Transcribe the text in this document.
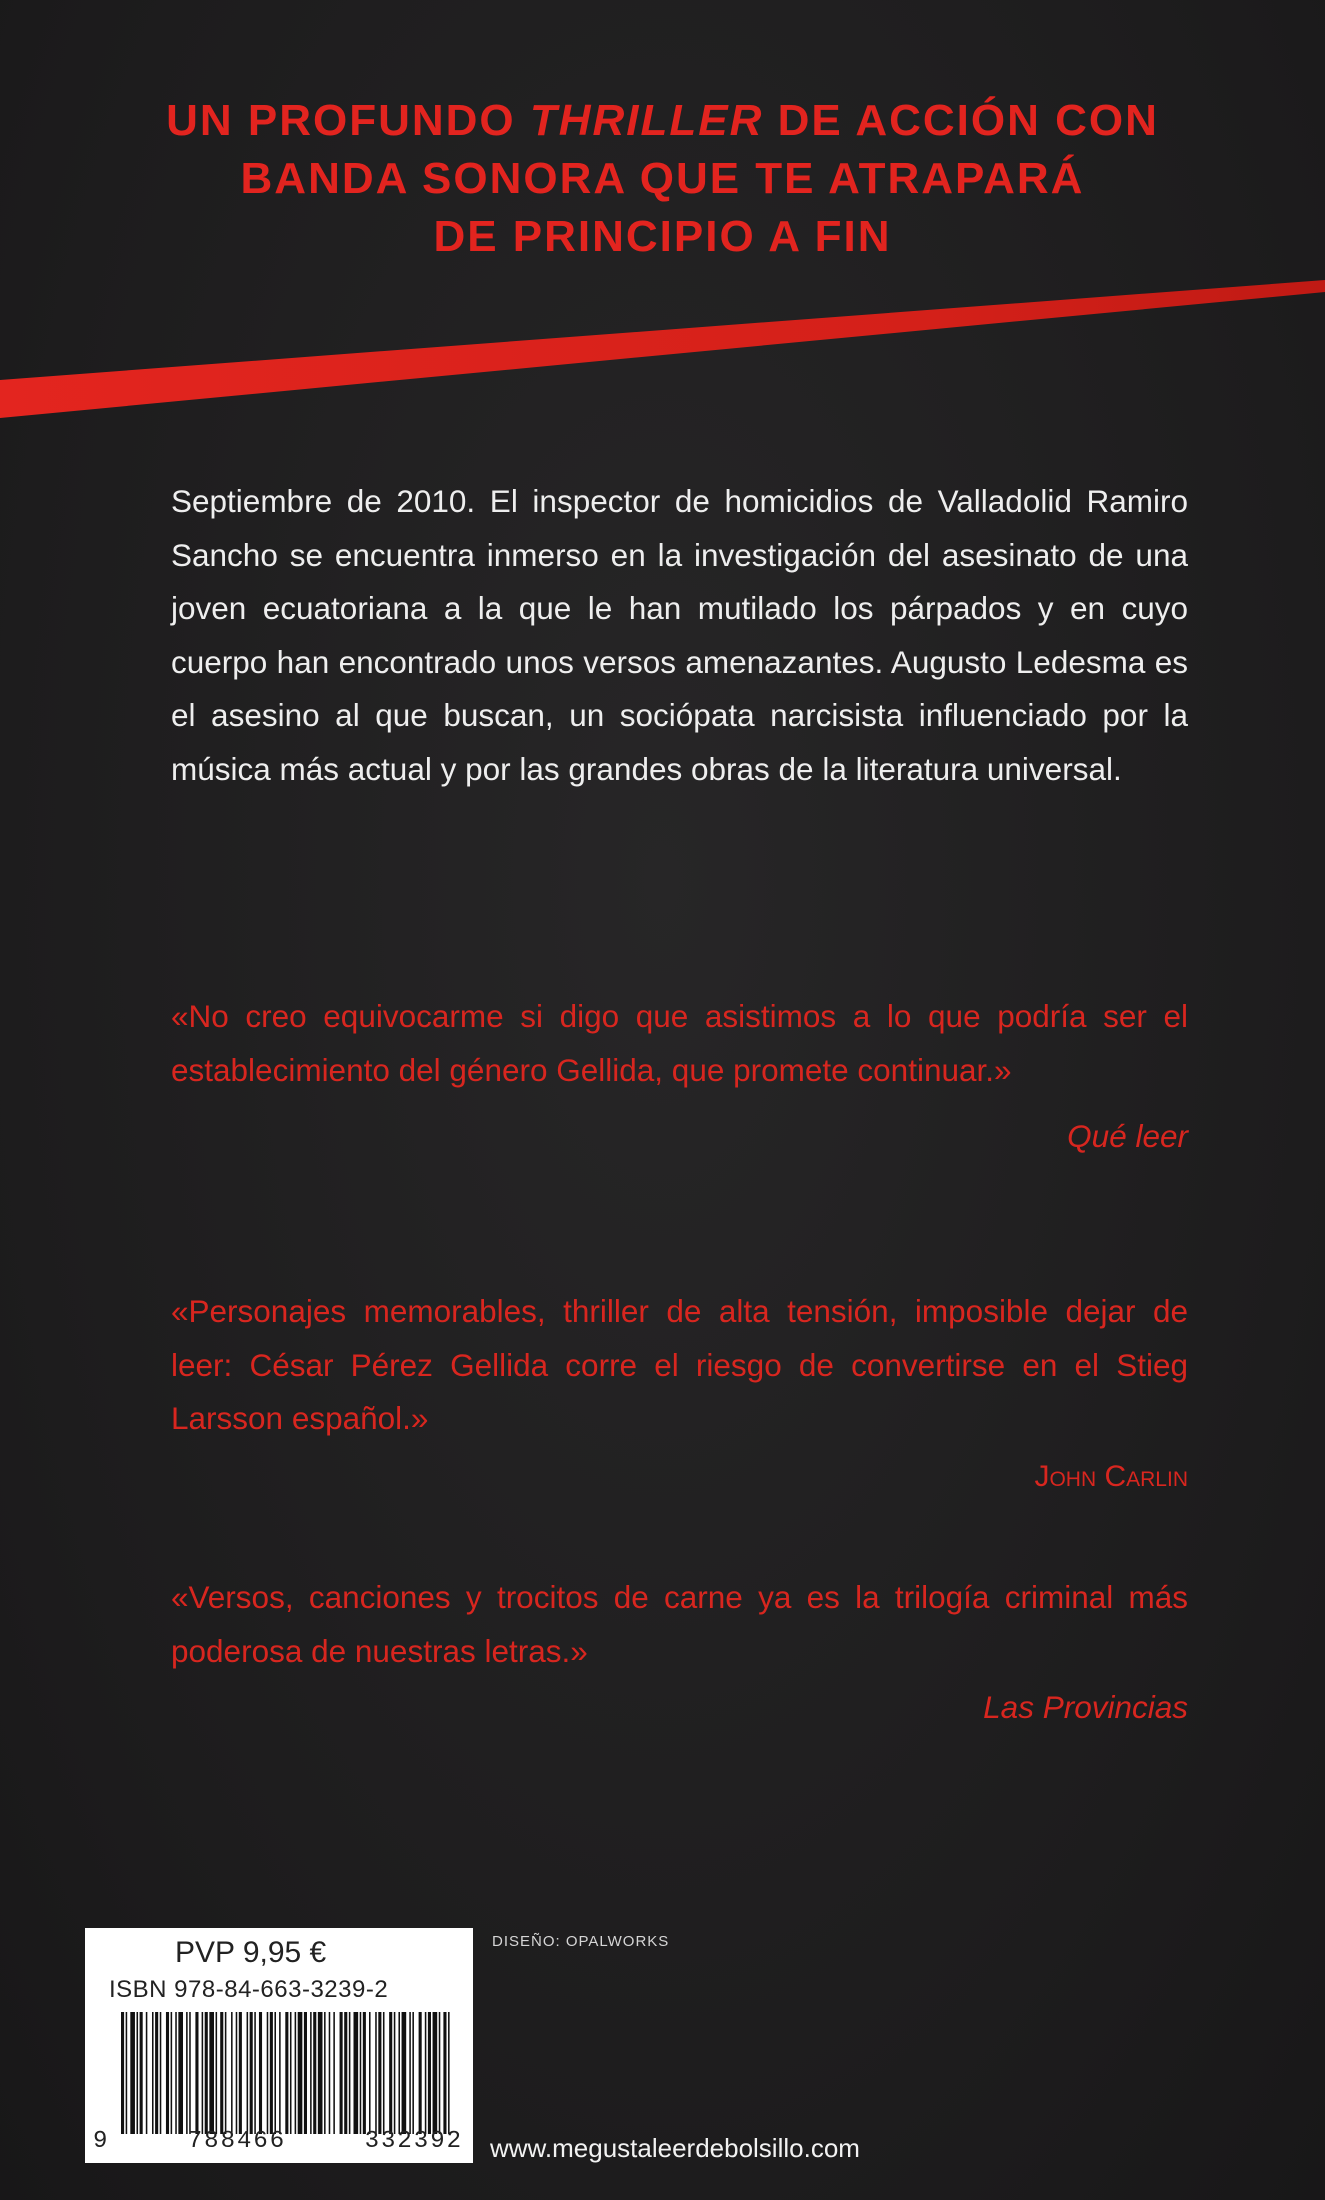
UN PROFUNDO THRILLER DE ACCIÓN CON
BANDA SONORA QUE TE ATRAPARÁ
DE PRINCIPIO A FIN

Septiembre de 2010. El inspector de homicidios de Valladolid Ramiro Sancho se encuentra inmerso en la investigación del asesinato de una joven ecuatoriana a la que le han mutilado los párpados y en cuyo cuerpo han encontrado unos versos amenazantes. Augusto Ledesma es el asesino al que buscan, un sociópata narcisista influenciado por la música más actual y por las grandes obras de la literatura universal.

«No creo equivocarme si digo que asistimos a lo que podría ser el establecimiento del género Gellida, que promete continuar.»

Qué leer

«Personajes memorables, thriller de alta tensión, imposible dejar de leer: César Pérez Gellida corre el riesgo de convertirse en el Stieg Larsson español.»

John Carlin

«Versos, canciones y trocitos de carne ya es la trilogía criminal más poderosa de nuestras letras.»

Las Provincias

PVP 9,95 €
ISBN 978-84-663-3239-2
9	788466	332392
DISEÑO: OPALWORKS
www.megustaleerdebolsillo.com
